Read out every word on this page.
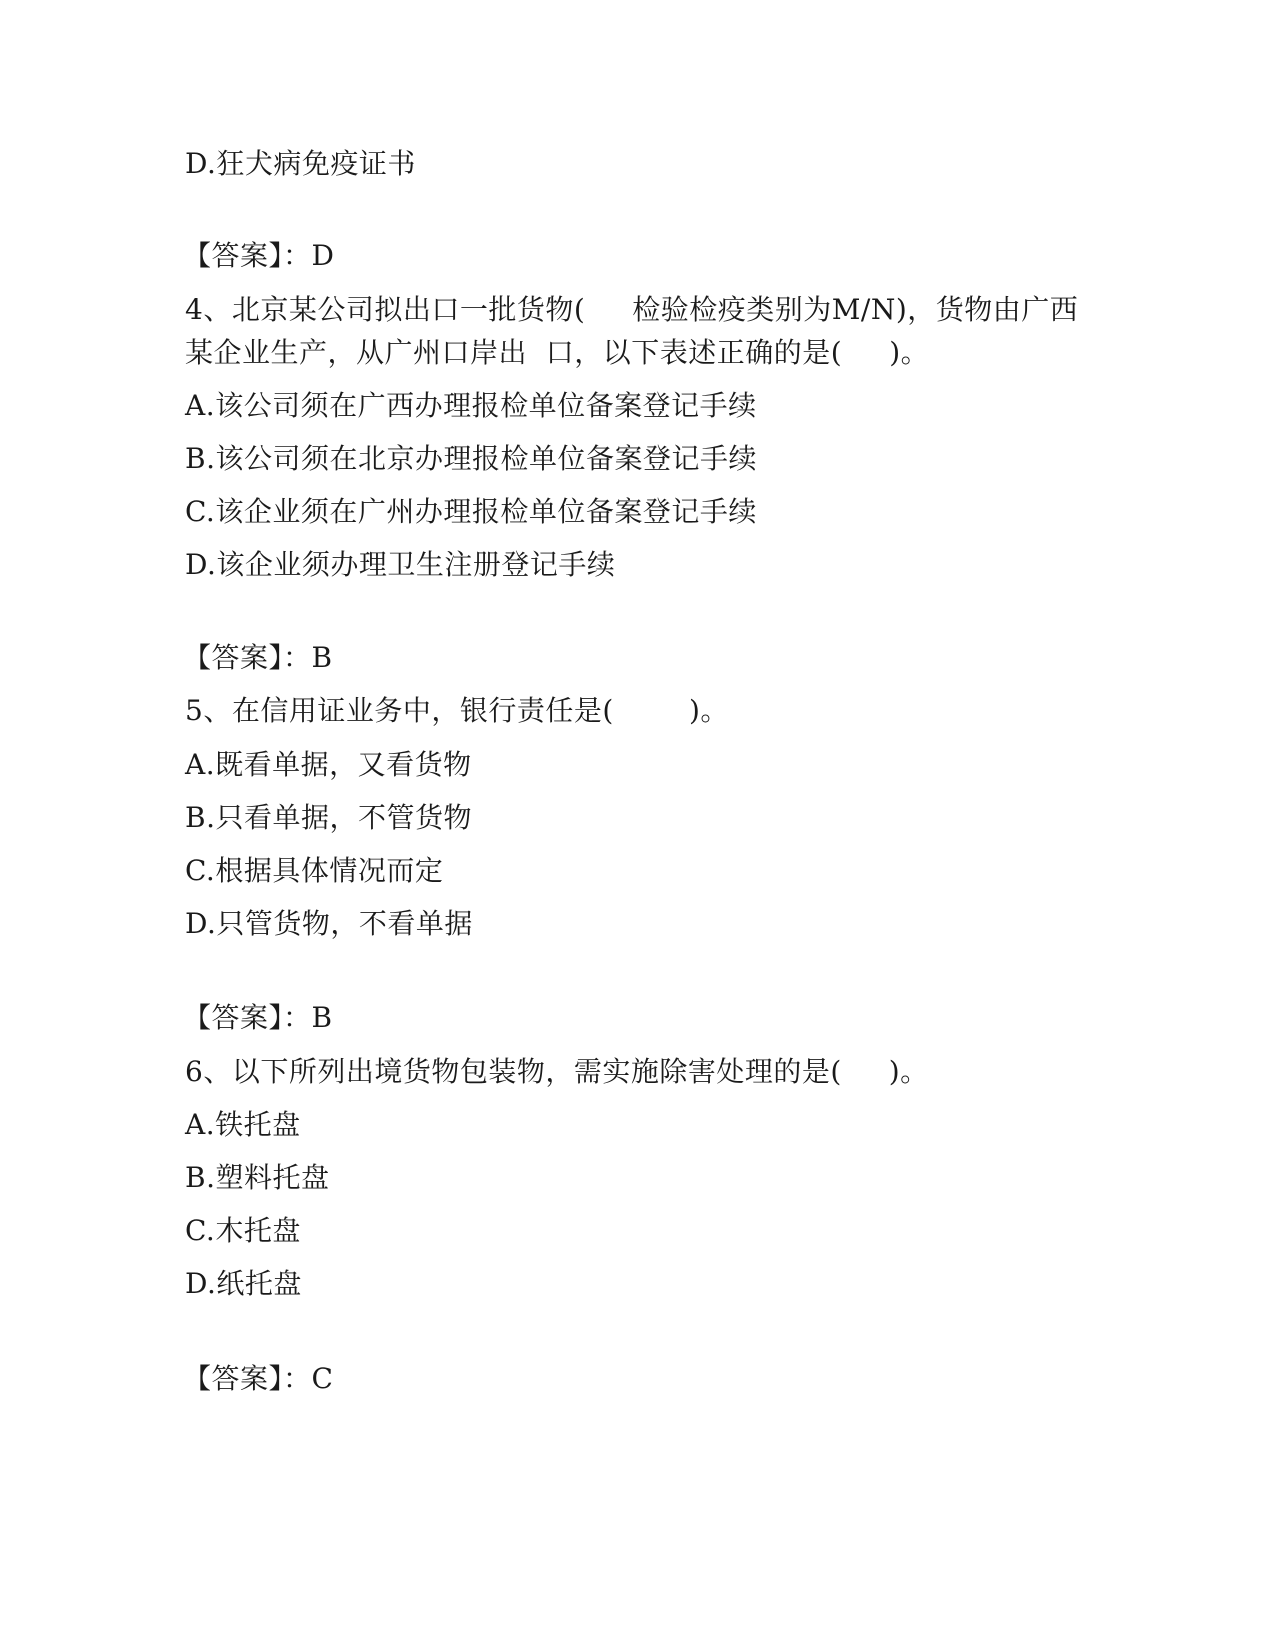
D.狂犬病免疫证书
【答案】：D
4、北京某公司拟出口一批货物(     检验检疫类别为M/N)，货物由广西
某企业生产，从广州口岸出  口，以下表述正确的是(     )。
A.该公司须在广西办理报检单位备案登记手续
B.该公司须在北京办理报检单位备案登记手续
C.该企业须在广州办理报检单位备案登记手续
D.该企业须办理卫生注册登记手续
【答案】：B
5、在信用证业务中，银行责任是(        )。
A.既看单据，又看货物
B.只看单据，不管货物
C.根据具体情况而定
D.只管货物，不看单据
【答案】：B
6、以下所列出境货物包装物，需实施除害处理的是(     )。
A.铁托盘
B.塑料托盘
C.木托盘
D.纸托盘
【答案】：C
